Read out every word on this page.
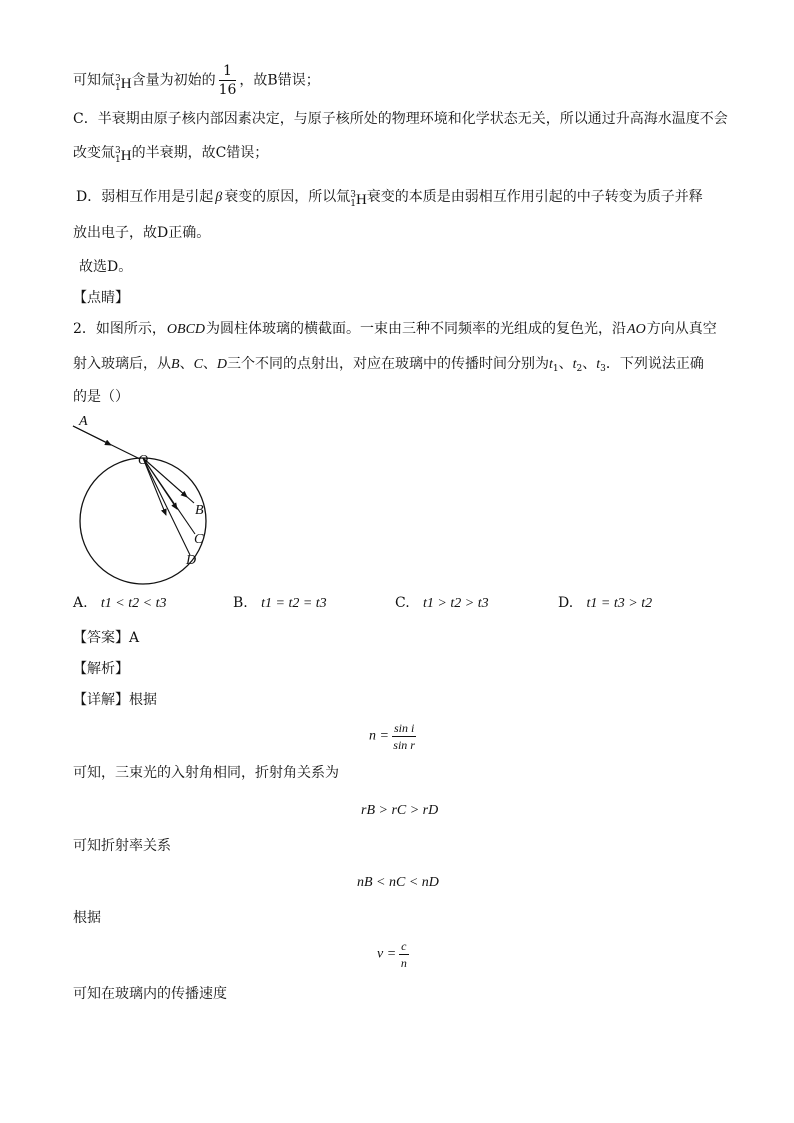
可知氚 3
1 H含量为初始的 $\frac{1}{16}$ ，故B错误；
C．半衰期由原子核内部因素决定，与原子核所处的物理环境和化学状态无关，所以通过升高海水温度不会
改变氚 3
1 H的半衰期，故C错误；
D．弱相互作用是引起 β 衰变的原因，所以氚 3
1 H衰变的本质是由弱相互作用引起的中子转变为质子并释
放出电子，故D正确。
故选D。
【点睛】
2．如图所示，OBCD为圆柱体玻璃的横截面。一束由三种不同频率的光组成的复色光，沿AO方向从真空
射入玻璃后，从B、C、D三个不同的点射出，对应在玻璃中的传播时间分别为$t_1$、$t_2$、$t_3$．下列说法正确
的是（）
A
O
B
C
D
A. t1 < t2 < t3	B. t1 = t2 = t3	C. t1 > t2 > t3	D. t1 = t3 > t2
【答案】A
【解析】
【详解】根据
$n = \frac{\text{sin i}}{\text{sin r}}$
可知，三束光的入射角相同，折射角关系为
rB > rC > rD
可知折射率关系
nB < nC < nD
根据
$v = \frac{c}{n}$
可知在玻璃内的传播速度
